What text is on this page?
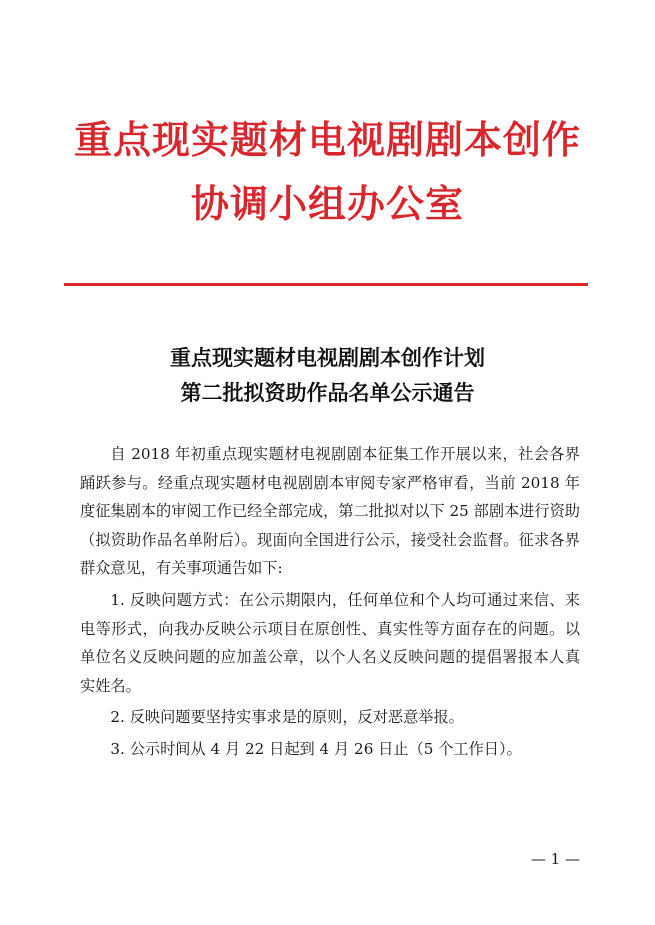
重点现实题材电视剧剧本创作
协调小组办公室
重点现实题材电视剧剧本创作计划
第二批拟资助作品名单公示通告

自 2018 年初重点现实题材电视剧剧本征集工作开展以来，社会各界踊跃参与。经重点现实题材电视剧剧本审阅专家严格审看，当前 2018 年度征集剧本的审阅工作已经全部完成，第二批拟对以下 25 部剧本进行资助（拟资助作品名单附后）。现面向全国进行公示，接受社会监督。征求各界群众意见，有关事项通告如下:

1. 反映问题方式：在公示期限内，任何单位和个人均可通过来信、来电等形式，向我办反映公示项目在原创性、真实性等方面存在的问题。以单位名义反映问题的应加盖公章，以个人名义反映问题的提倡署报本人真实姓名。

2. 反映问题要坚持实事求是的原则，反对恶意举报。

3. 公示时间从 4 月 22 日起到 4 月 26 日止（5 个工作日）。

— 1 —
